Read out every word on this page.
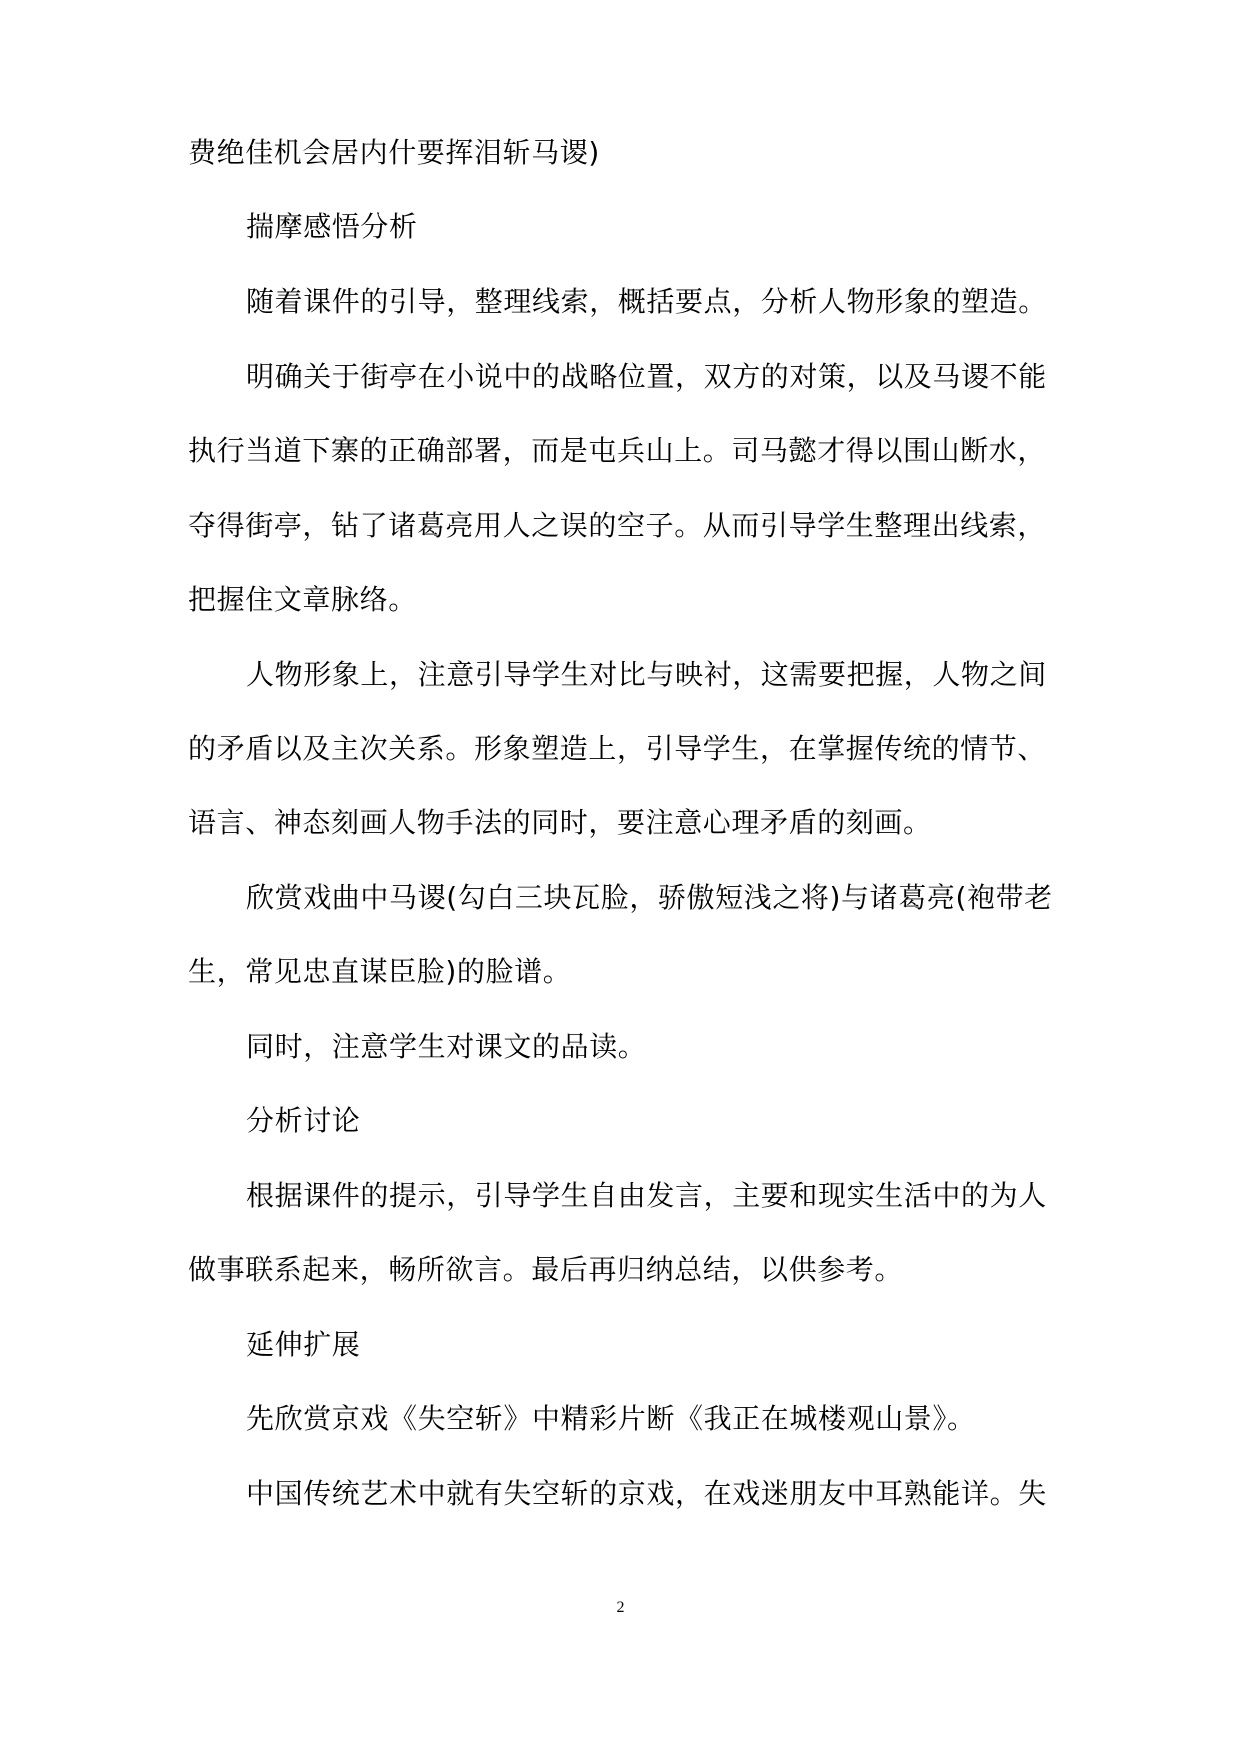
费绝佳机会居内什要挥泪斩马谡)
揣摩感悟分析
随着课件的引导，整理线索，概括要点，分析人物形象的塑造。
明确关于街亭在小说中的战略位置，双方的对策，以及马谡不能
执行当道下寨的正确部署，而是屯兵山上。司马懿才得以围山断水，
夺得街亭，钻了诸葛亮用人之误的空子。从而引导学生整理出线索，
把握住文章脉络。
人物形象上，注意引导学生对比与映衬，这需要把握，人物之间
的矛盾以及主次关系。形象塑造上，引导学生，在掌握传统的情节、
语言、神态刻画人物手法的同时，要注意心理矛盾的刻画。
欣赏戏曲中马谡(勾白三块瓦脸，骄傲短浅之将)与诸葛亮(袍带老
生，常见忠直谋臣脸)的脸谱。
同时，注意学生对课文的品读。
分析讨论
根据课件的提示，引导学生自由发言，主要和现实生活中的为人
做事联系起来，畅所欲言。最后再归纳总结，以供参考。
延伸扩展
先欣赏京戏《失空斩》中精彩片断《我正在城楼观山景》。
中国传统艺术中就有失空斩的京戏，在戏迷朋友中耳熟能详。失
2
